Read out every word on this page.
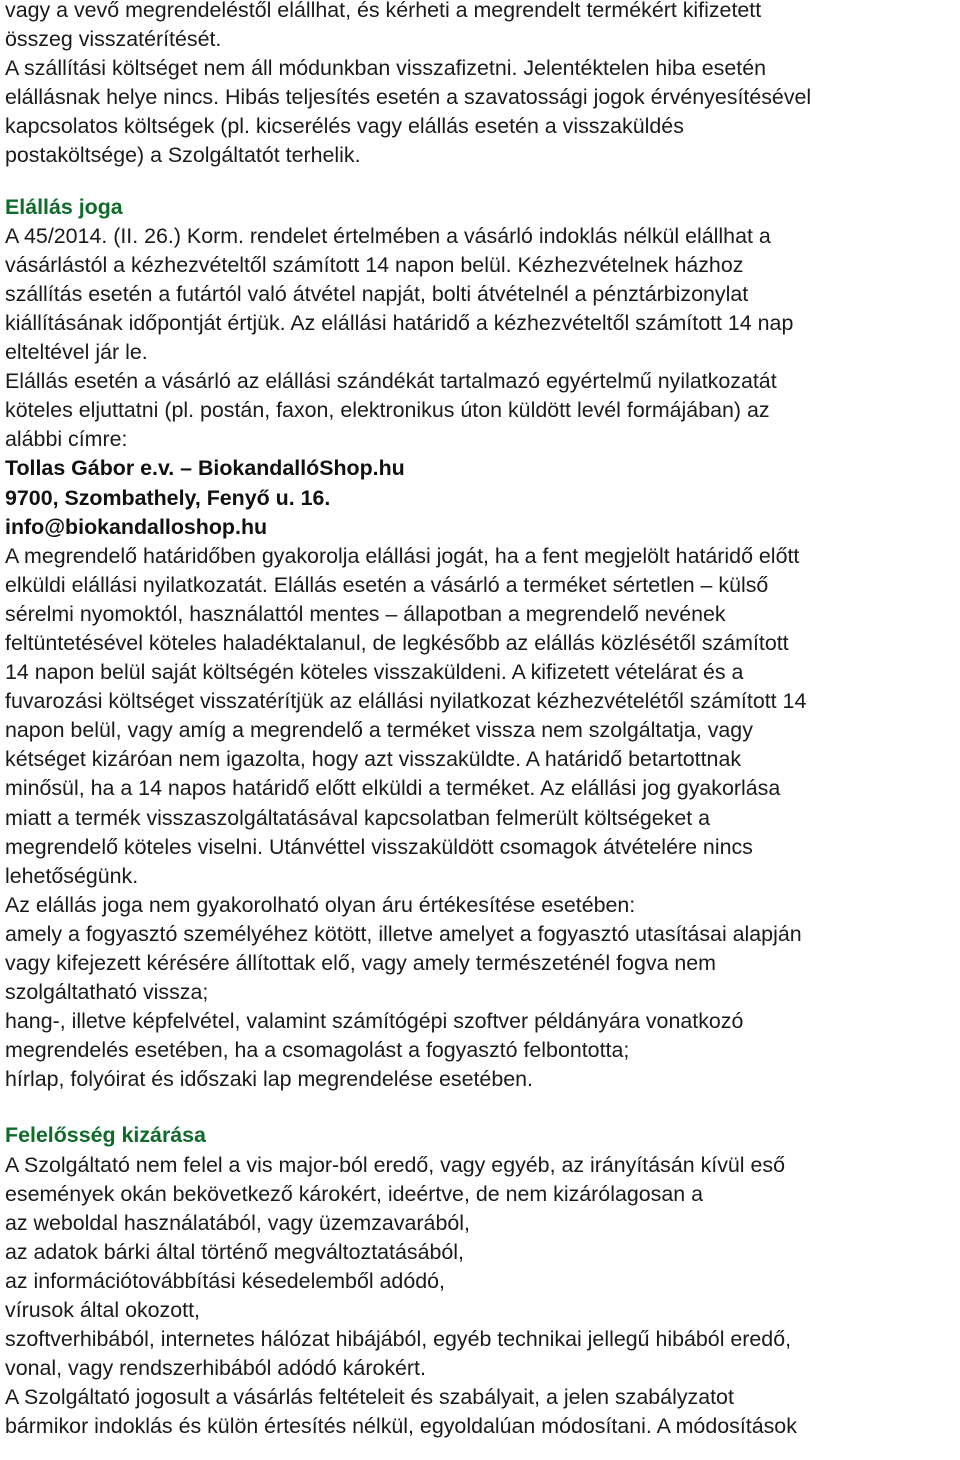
vagy a vevő megrendeléstől elállhat, és kérheti a megrendelt termékért kifizetett
összeg visszatérítését.
A szállítási költséget nem áll módunkban visszafizetni. Jelentéktelen hiba esetén
elállásnak helye nincs. Hibás teljesítés esetén a szavatossági jogok érvényesítésével
kapcsolatos költségek (pl. kicserélés vagy elállás esetén a visszaküldés
postaköltsége) a Szolgáltatót terhelik.
Elállás joga
A 45/2014. (II. 26.) Korm. rendelet értelmében a vásárló indoklás nélkül elállhat a
vásárlástól a kézhezvételtől számított 14 napon belül. Kézhezvételnek házhoz
szállítás esetén a futártól való átvétel napját, bolti átvételnél a pénztárbizonylat
kiállításának időpontját értjük. Az elállási határidő a kézhezvételtől számított 14 nap
elteltével jár le.
Elállás esetén a vásárló az elállási szándékát tartalmazó egyértelmű nyilatkozatát
köteles eljuttatni (pl. postán, faxon, elektronikus úton küldött levél formájában) az
alábbi címre:
Tollas Gábor e.v. – BiokandallóShop.hu
9700, Szombathely, Fenyő u. 16.
info@biokandalloshop.hu
A megrendelő határidőben gyakorolja elállási jogát, ha a fent megjelölt határidő előtt
elküldi elállási nyilatkozatát. Elállás esetén a vásárló a terméket sértetlen – külső
sérelmi nyomoktól, használattól mentes – állapotban a megrendelő nevének
feltüntetésével köteles haladéktalanul, de legkésőbb az elállás közlésétől számított
14 napon belül saját költségén köteles visszaküldeni. A kifizetett vételárat és a
fuvarozási költséget visszatérítjük az elállási nyilatkozat kézhezvételétől számított 14
napon belül, vagy amíg a megrendelő a terméket vissza nem szolgáltatja, vagy
kétséget kizáróan nem igazolta, hogy azt visszaküldte. A határidő betartottnak
minősül, ha a 14 napos határidő előtt elküldi a terméket. Az elállási jog gyakorlása
miatt a termék visszaszolgáltatásával kapcsolatban felmerült költségeket a
megrendelő köteles viselni. Utánvéttel visszaküldött csomagok átvételére nincs
lehetőségünk.
Az elállás joga nem gyakorolható olyan áru értékesítése esetében:
amely a fogyasztó személyéhez kötött, illetve amelyet a fogyasztó utasításai alapján
vagy kifejezett kérésére állítottak elő, vagy amely természeténél fogva nem
szolgáltatható vissza;
hang-, illetve képfelvétel, valamint számítógépi szoftver példányára vonatkozó
megrendelés esetében, ha a csomagolást a fogyasztó felbontotta;
hírlap, folyóirat és időszaki lap megrendelése esetében.
Felelősség kizárása
A Szolgáltató nem felel a vis major-ból eredő, vagy egyéb, az irányításán kívül eső
események okán bekövetkező károkért, ideértve, de nem kizárólagosan a
az weboldal használatából, vagy üzemzavarából,
az adatok bárki által történő megváltoztatásából,
az információtovábbítási késedelemből adódó,
vírusok által okozott,
szoftverhibából, internetes hálózat hibájából, egyéb technikai jellegű hibából eredő,
vonal, vagy rendszerhibából adódó károkért.
A Szolgáltató jogosult a vásárlás feltételeit és szabályait, a jelen szabályzatot
bármikor indoklás és külön értesítés nélkül, egyoldalúan módosítani. A módosítások
